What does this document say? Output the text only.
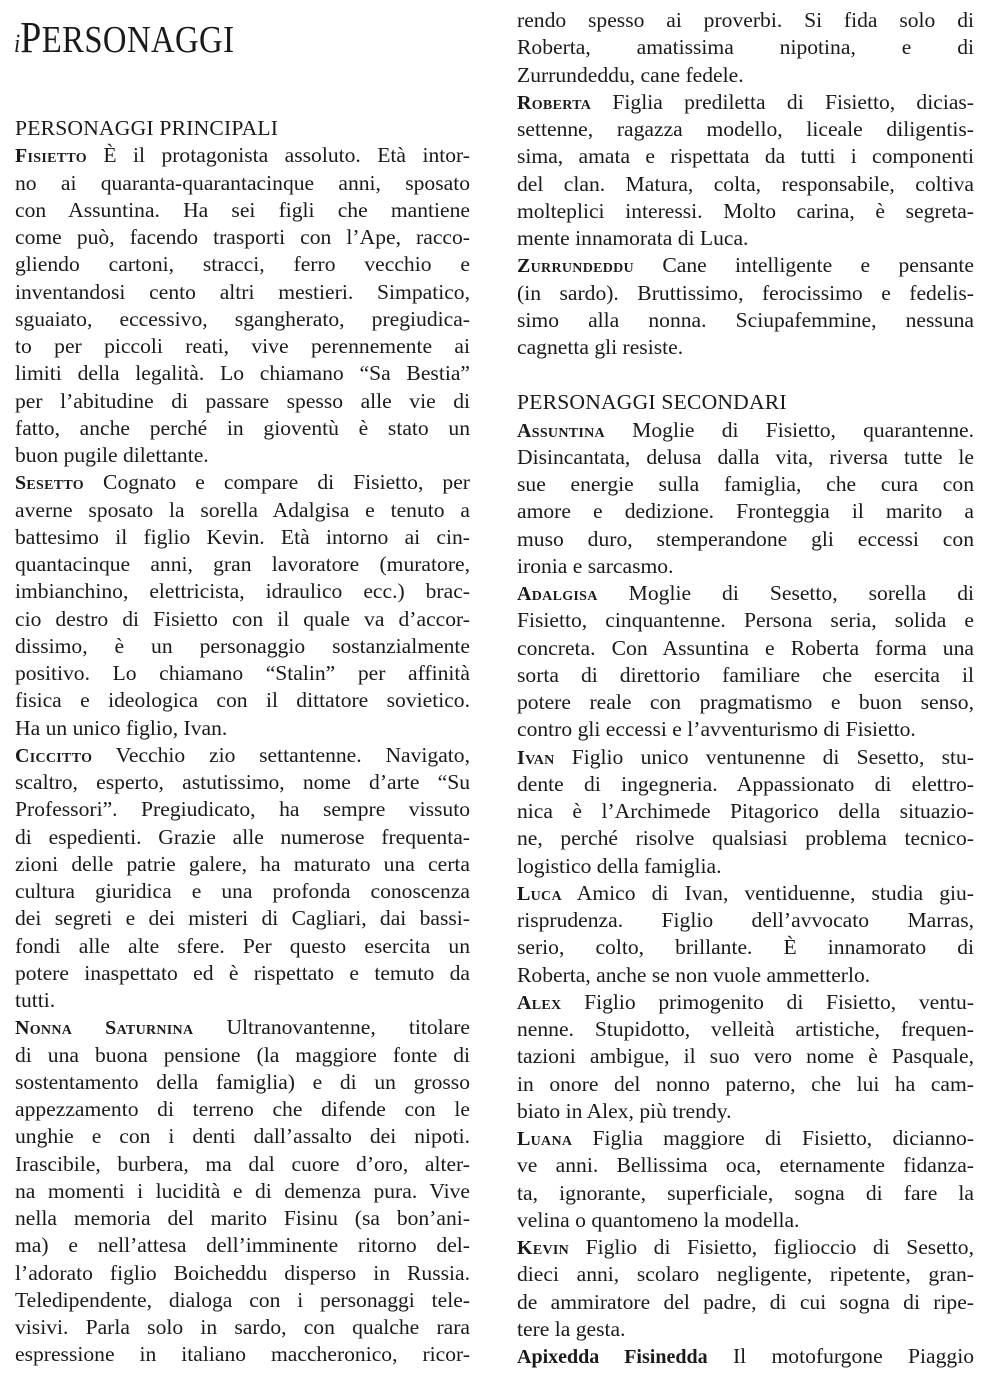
iPERSONAGGI
PERSONAGGI PRINCIPALI
Fisietto È il protagonista assoluto. Età intor-
no ai quaranta-quarantacinque anni, sposato
con Assuntina. Ha sei figli che mantiene
come può, facendo trasporti con l’Ape, racco-
gliendo cartoni, stracci, ferro vecchio e
inventandosi cento altri mestieri. Simpatico,
sguaiato, eccessivo, sgangherato, pregiudica-
to per piccoli reati, vive perennemente ai
limiti della legalità. Lo chiamano “Sa Bestia”
per l’abitudine di passare spesso alle vie di
fatto, anche perché in gioventù è stato un
buon pugile dilettante.
Sesetto Cognato e compare di Fisietto, per
averne sposato la sorella Adalgisa e tenuto a
battesimo il figlio Kevin. Età intorno ai cin-
quantacinque anni, gran lavoratore (muratore,
imbianchino, elettricista, idraulico ecc.) brac-
cio destro di Fisietto con il quale va d’accor-
dissimo, è un personaggio sostanzialmente
positivo. Lo chiamano “Stalin” per affinità
fisica e ideologica con il dittatore sovietico.
Ha un unico figlio, Ivan.
Ciccitto Vecchio zio settantenne. Navigato,
scaltro, esperto, astutissimo, nome d’arte “Su
Professori”. Pregiudicato, ha sempre vissuto
di espedienti. Grazie alle numerose frequenta-
zioni delle patrie galere, ha maturato una certa
cultura giuridica e una profonda conoscenza
dei segreti e dei misteri di Cagliari, dai bassi-
fondi alle alte sfere. Per questo esercita un
potere inaspettato ed è rispettato e temuto da
tutti.
Nonna Saturnina Ultranovantenne, titolare
di una buona pensione (la maggiore fonte di
sostentamento della famiglia) e di un grosso
appezzamento di terreno che difende con le
unghie e con i denti dall’assalto dei nipoti.
Irascibile, burbera, ma dal cuore d’oro, alter-
na momenti i lucidità e di demenza pura. Vive
nella memoria del marito Fisinu (sa bon’ani-
ma) e nell’attesa dell’imminente ritorno del-
l’adorato figlio Boicheddu disperso in Russia.
Teledipendente, dialoga con i personaggi tele-
visivi. Parla solo in sardo, con qualche rara
espressione in italiano maccheronico, ricor-
rendo spesso ai proverbi. Si fida solo di
Roberta, amatissima nipotina, e di
Zurrundeddu, cane fedele.
Roberta Figlia prediletta di Fisietto, dicias-
settenne, ragazza modello, liceale diligentis-
sima, amata e rispettata da tutti i componenti
del clan. Matura, colta, responsabile, coltiva
molteplici interessi. Molto carina, è segreta-
mente innamorata di Luca.
Zurrundeddu Cane intelligente e pensante
(in sardo). Bruttissimo, ferocissimo e fedelis-
simo alla nonna. Sciupafemmine, nessuna
cagnetta gli resiste.
PERSONAGGI SECONDARI
Assuntina Moglie di Fisietto, quarantenne.
Disincantata, delusa dalla vita, riversa tutte le
sue energie sulla famiglia, che cura con
amore e dedizione. Fronteggia il marito a
muso duro, stemperandone gli eccessi con
ironia e sarcasmo.
Adalgisa Moglie di Sesetto, sorella di
Fisietto, cinquantenne. Persona seria, solida e
concreta. Con Assuntina e Roberta forma una
sorta di direttorio familiare che esercita il
potere reale con pragmatismo e buon senso,
contro gli eccessi e l’avventurismo di Fisietto.
Ivan Figlio unico ventunenne di Sesetto, stu-
dente di ingegneria. Appassionato di elettro-
nica è l’Archimede Pitagorico della situazio-
ne, perché risolve qualsiasi problema tecnico-
logistico della famiglia.
Luca Amico di Ivan, ventiduenne, studia giu-
risprudenza. Figlio dell’avvocato Marras,
serio, colto, brillante. È innamorato di
Roberta, anche se non vuole ammetterlo.
Alex Figlio primogenito di Fisietto, ventu-
nenne. Stupidotto, velleità artistiche, frequen-
tazioni ambigue, il suo vero nome è Pasquale,
in onore del nonno paterno, che lui ha cam-
biato in Alex, più trendy.
Luana Figlia maggiore di Fisietto, dicianno-
ve anni. Bellissima oca, eternamente fidanza-
ta, ignorante, superficiale, sogna di fare la
velina o quantomeno la modella.
Kevin Figlio di Fisietto, figlioccio di Sesetto,
dieci anni, scolaro negligente, ripetente, gran-
de ammiratore del padre, di cui sogna di ripe-
tere la gesta.
Apixedda Fisinedda Il motofurgone Piaggio
